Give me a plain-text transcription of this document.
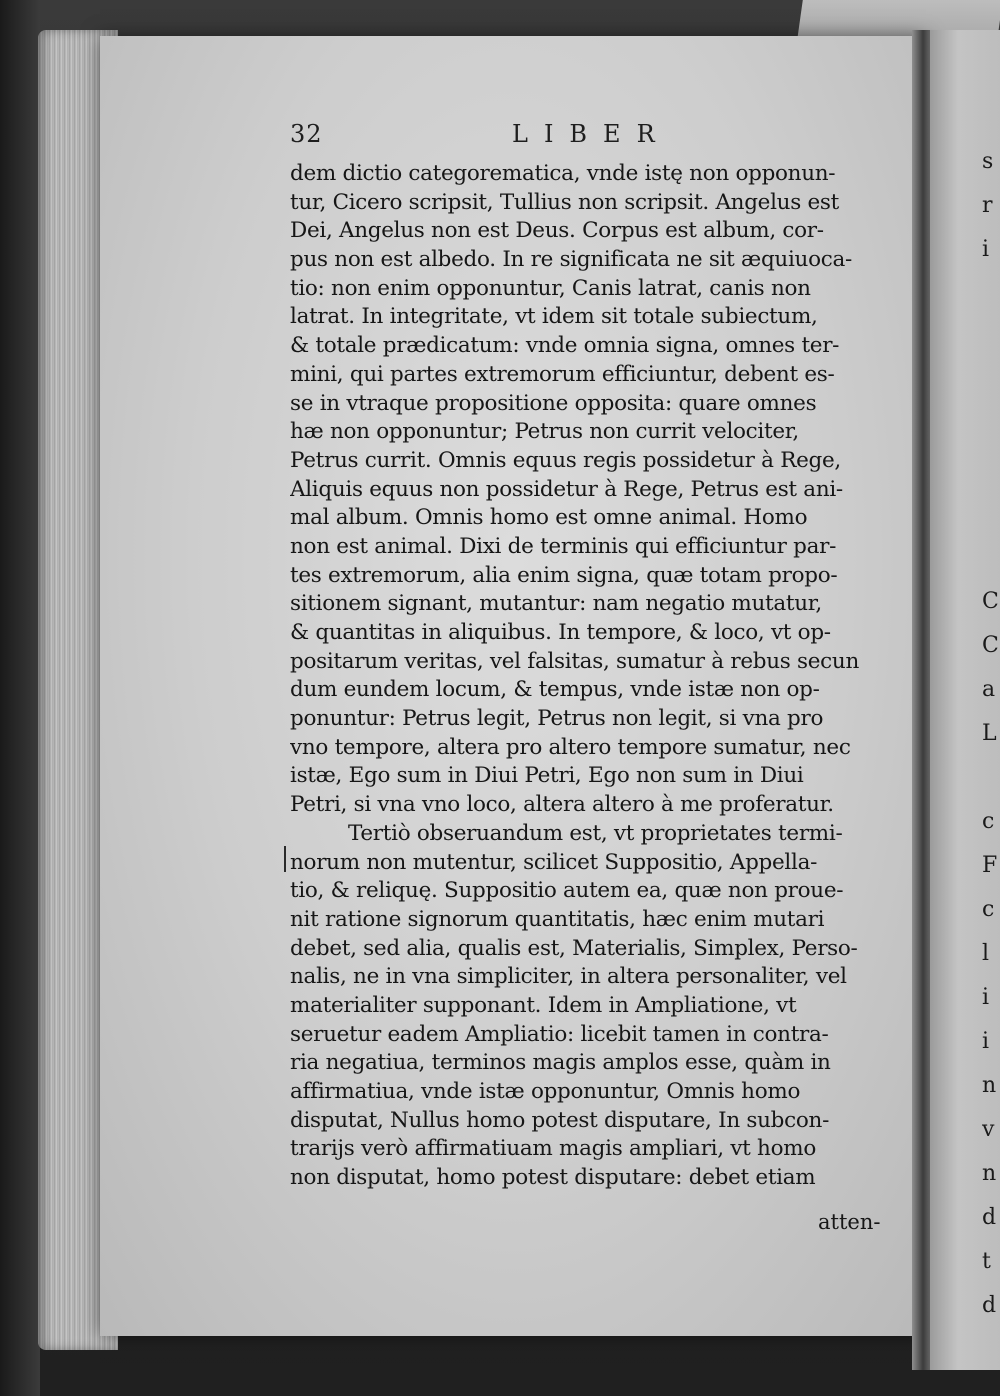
s
r
i
C
C
a
L
c
F
c
l
i
i
n
v
n
d
t
d
32	LIBER
dem dictio categorematica, vnde istę non opponun-
tur, Cicero scripsit, Tullius non scripsit. Angelus est
Dei, Angelus non est Deus. Corpus est album, cor-
pus non est albedo. In re significata ne sit æquiuoca-
tio: non enim opponuntur, Canis latrat, canis non
latrat. In integritate, vt idem sit totale subiectum,
& totale prædicatum: vnde omnia signa, omnes ter-
mini, qui partes extremorum efficiuntur, debent es-
se in vtraque propositione opposita: quare omnes
hæ non opponuntur; Petrus non currit velociter,
Petrus currit. Omnis equus regis possidetur à Rege,
Aliquis equus non possidetur à Rege, Petrus est ani-
mal album. Omnis homo est omne animal. Homo
non est animal. Dixi de terminis qui efficiuntur par-
tes extremorum, alia enim signa, quæ totam propo-
sitionem signant, mutantur: nam negatio mutatur,
& quantitas in aliquibus. In tempore, & loco, vt op-
positarum veritas, vel falsitas, sumatur à rebus secun
dum eundem locum, & tempus, vnde istæ non op-
ponuntur: Petrus legit, Petrus non legit, si vna pro
vno tempore, altera pro altero tempore sumatur, nec
istæ, Ego sum in Diui Petri, Ego non sum in Diui
Petri, si vna vno loco, altera altero à me proferatur.
Tertiò obseruandum est, vt proprietates termi-
norum non mutentur, scilicet Suppositio, Appella-
tio, & reliquę. Suppositio autem ea, quæ non proue-
nit ratione signorum quantitatis, hæc enim mutari
debet, sed alia, qualis est, Materialis, Simplex, Perso-
nalis, ne in vna simpliciter, in altera personaliter, vel
materialiter supponant. Idem in Ampliatione, vt
seruetur eadem Ampliatio: licebit tamen in contra-
ria negatiua, terminos magis amplos esse, quàm in
affirmatiua, vnde istæ opponuntur, Omnis homo
disputat, Nullus homo potest disputare, In subcon-
trarijs verò affirmatiuam magis ampliari, vt homo
non disputat, homo potest disputare: debet etiam
atten-
